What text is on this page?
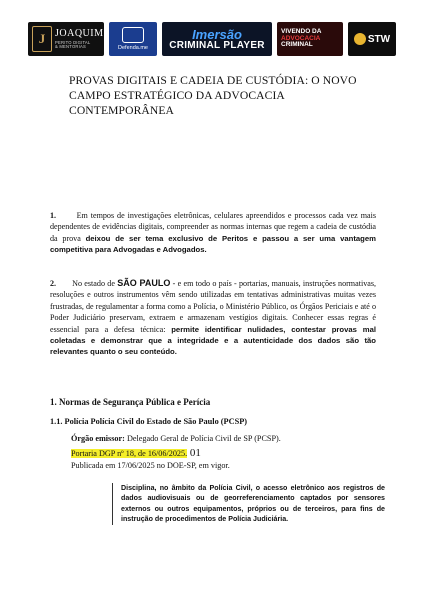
J JOAQUIM
PERITO DIGITAL
& MENTORIAS	Defenda.me
Imersão
CRIMINAL PLAYER
VIVENDO DA
ADVOCACIA
CRIMINAL
STW
PROVAS DIGITAIS E CADEIA DE CUSTÓDIA: O NOVO CAMPO ESTRATÉGICO DA ADVOCACIA CONTEMPORÂNEA
1.	Em tempos de investigações eletrônicas, celulares apreendidos e processos cada vez mais dependentes de evidências digitais, compreender as normas internas que regem a cadeia de custódia da prova deixou de ser tema exclusivo de Peritos e passou a ser uma vantagem competitiva para Advogadas e Advogados.
2. No estado de SÃO PAULO - e em todo o país - portarias, manuais, instruções normativas, resoluções e outros instrumentos vêm sendo utilizadas em tentativas administrativas muitas vezes frustradas, de regulamentar a forma como a Polícia, o Ministério Público, os Órgãos Periciais e até o Poder Judiciário preservam, extraem e armazenam vestígios digitais. Conhecer essas regras é essencial para a defesa técnica: permite identificar nulidades, contestar provas mal coletadas e demonstrar que a integridade e a autenticidade dos dados são tão relevantes quanto o seu conteúdo.
1. Normas de Segurança Pública e Perícia
1.1. Polícia Polícia Civil do Estado de São Paulo (PCSP)
Órgão emissor: Delegado Geral de Polícia Civil de SP (PCSP).
Portaria DGP nº 18, de 16/06/2025. 01
Publicada em 17/06/2025 no DOE-SP, em vigor.
Disciplina, no âmbito da Polícia Civil, o acesso eletrônico aos registros de dados audiovisuais ou de georreferenciamento captados por sensores externos ou outros equipamentos, próprios ou de terceiros, para fins de instrução de procedimentos de Polícia Judiciária.
